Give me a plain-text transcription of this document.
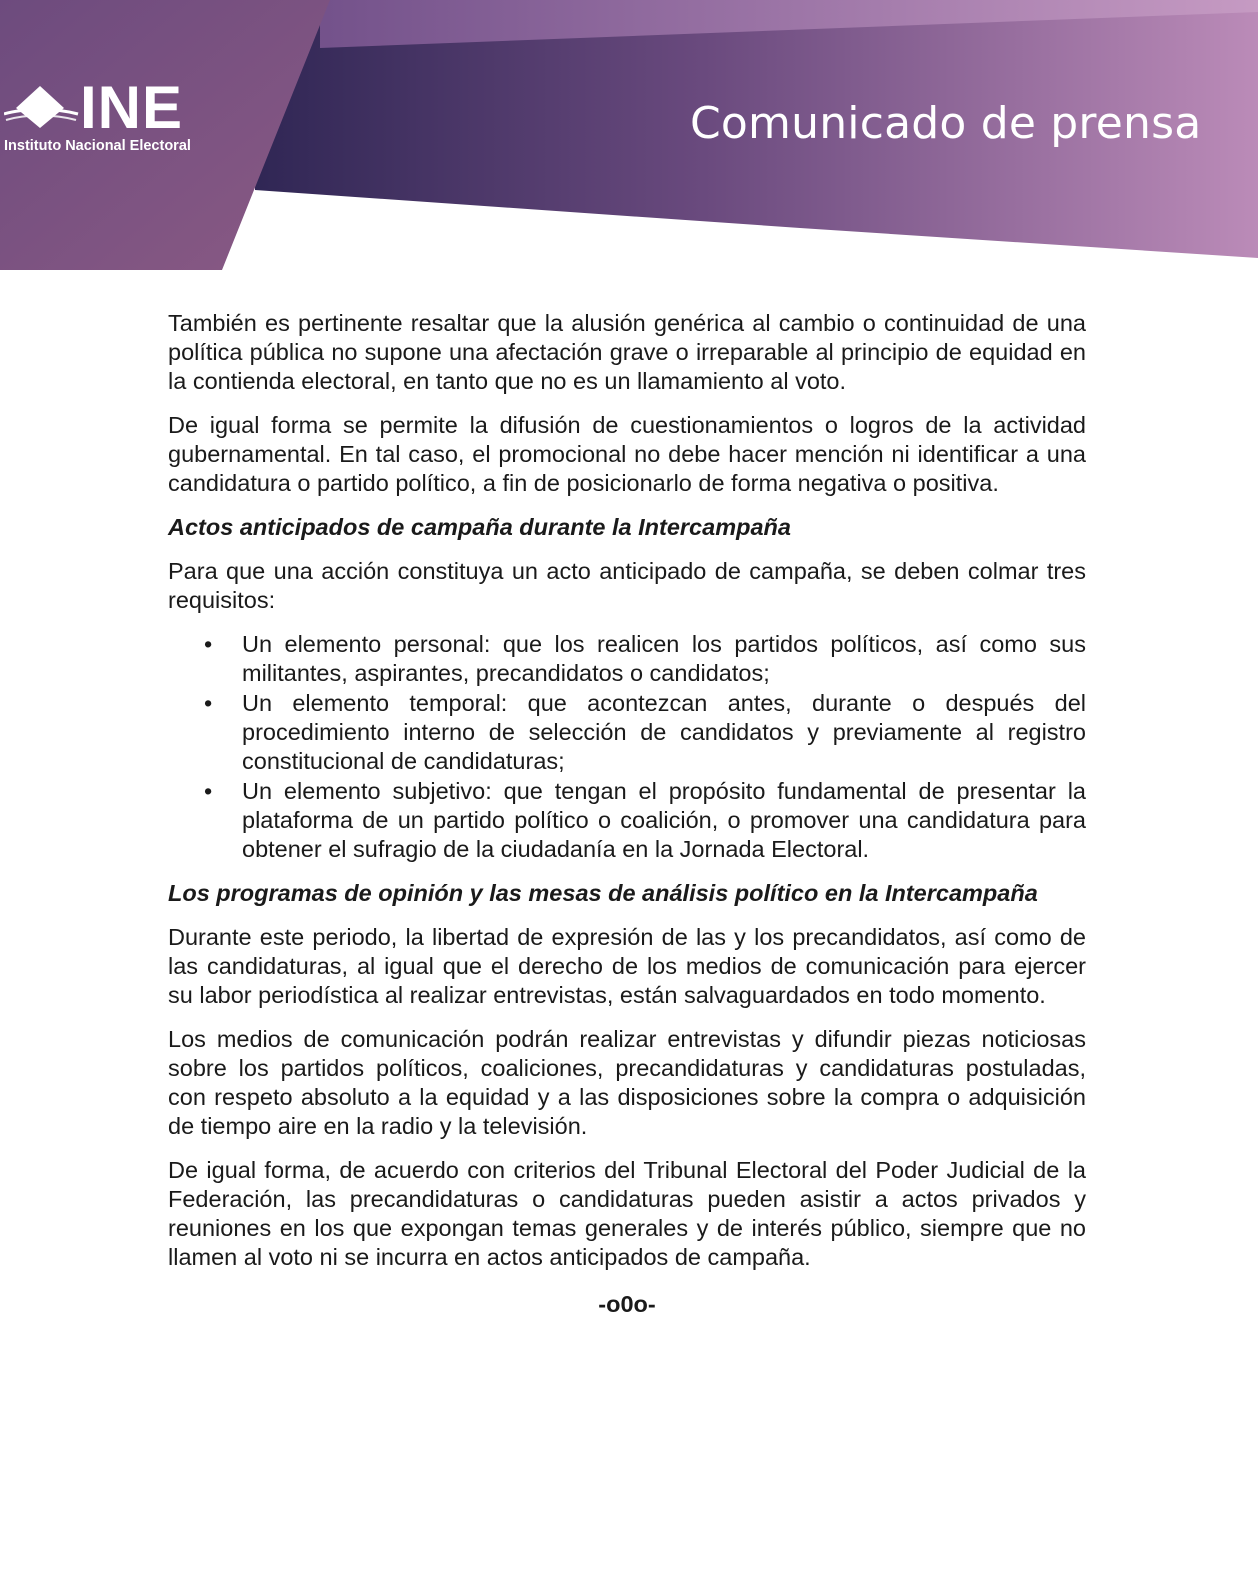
INE
Instituto Nacional Electoral	Comunicado de prensa

También es pertinente resaltar que la alusión genérica al cambio o continuidad de una política pública no supone una afectación grave o irreparable al principio de equidad en la contienda electoral, en tanto que no es un llamamiento al voto.

De igual forma se permite la difusión de cuestionamientos o logros de la actividad gubernamental. En tal caso, el promocional no debe hacer mención ni identificar a una candidatura o partido político, a fin de posicionarlo de forma negativa o positiva.

Actos anticipados de campaña durante la Intercampaña

Para que una acción constituya un acto anticipado de campaña, se deben colmar tres requisitos:

• Un elemento personal: que los realicen los partidos políticos, así como sus militantes, aspirantes, precandidatos o candidatos;
• Un elemento temporal: que acontezcan antes, durante o después del procedimiento interno de selección de candidatos y previamente al registro constitucional de candidaturas;
• Un elemento subjetivo: que tengan el propósito fundamental de presentar la plataforma de un partido político o coalición, o promover una candidatura para obtener el sufragio de la ciudadanía en la Jornada Electoral.
Los programas de opinión y las mesas de análisis político en la Intercampaña

Durante este periodo, la libertad de expresión de las y los precandidatos, así como de las candidaturas, al igual que el derecho de los medios de comunicación para ejercer su labor periodística al realizar entrevistas, están salvaguardados en todo momento.

Los medios de comunicación podrán realizar entrevistas y difundir piezas noticiosas sobre los partidos políticos, coaliciones, precandidaturas y candidaturas postuladas, con respeto absoluto a la equidad y a las disposiciones sobre la compra o adquisición de tiempo aire en la radio y la televisión.

De igual forma, de acuerdo con criterios del Tribunal Electoral del Poder Judicial de la Federación, las precandidaturas o candidaturas pueden asistir a actos privados y reuniones en los que expongan temas generales y de interés público, siempre que no llamen al voto ni se incurra en actos anticipados de campaña.

-o0o-
